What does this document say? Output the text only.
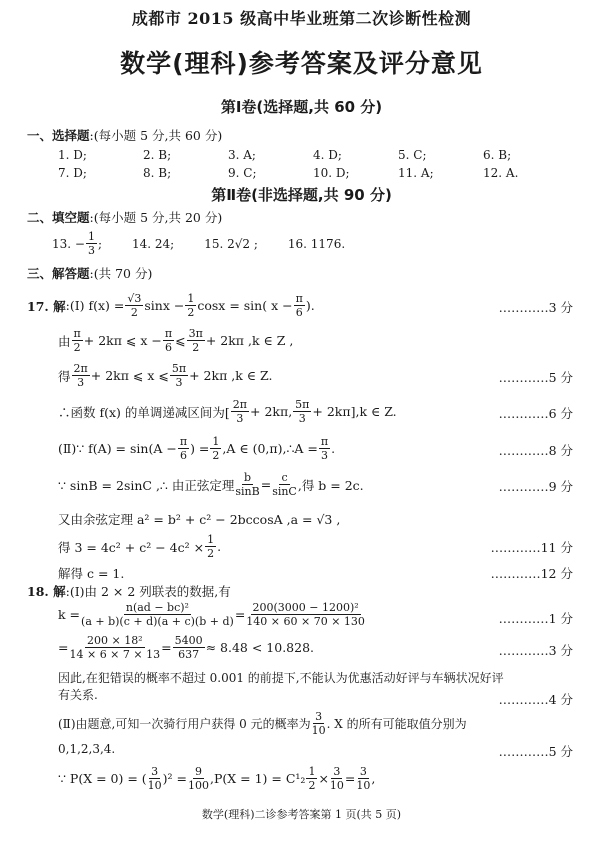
成都市 2015 级高中毕业班第二次诊断性检测
数学(理科)参考答案及评分意见
第Ⅰ卷(选择题,共 60 分)
一、选择题:(每小题 5 分,共 60 分)
1. D;	2. B;	3. A;	4. D;	5. C;	6. B;
7. D;	8. B;	9. C;	10. D;	11. A;	12. A.
第Ⅱ卷(非选择题,共 90 分)
二、填空题:(每小题 5 分,共 20 分)
13. − $\frac{1}{3}$ ;	14. 24;	15. 2√2 ;	16. 1176.
三、解答题:(共 70 分)
17. 解 :(Ⅰ) $f(x) = \frac{√3}{2}$ $\sin x - \frac{1}{2}$ cosx = sin( $x - \frac{\pi}{6}$ ).	…………3 分
由 $\frac{\pi}{2} + 2k\pi$ ⩽ $x - \frac{\pi}{6}$ ⩽ $\frac{3\pi}{2} + 2k\pi$ ,k ∈ Z ,
得 $\frac{2\pi}{3} + 2k\pi$ ⩽ x ⩽ $\frac{5\pi}{3} + 2k\pi$ ,k ∈ Z.	…………5 分
∴函数 f(x) 的单调递减区间为[ $\frac{2\pi}{3} + 2k\pi$, $\frac{5\pi}{3} + 2k\pi],k$ ∈ Z.	…………6 分
(Ⅱ)∵ $f(A) = \sin(A - \frac{\pi}{6}$ ) = $\frac{1}{2} ,A$ ∈ (0,π),∴A = $\frac{\pi}{3}$ .	…………8 分
∵ sinB = 2sinC ,∴ 由正弦定理 $\frac{b}{\sin B} = \frac{c}{\sin C}$ ,得 b = 2c.	…………9 分
又由余弦定理 a² = b² + c² − 2bccosA ,a = √3 ,
得 $3 = 4c^2 + c^2 - 4c^2 \times \frac{1}{2}$ .	…………11 分
解得 c = 1.	…………12 分
18. 解 :(Ⅰ)由 2 × 2 列联表的数据,有
$k = \frac{\text{n(ad − bc)²}}{(a + b)(c + d)(a + c)(b + d)} = \frac{\text{200(3000 − 1200)²}}{140 \times 60 \times 70 \times 130}$	…………1 分
= $\frac{\text{200 × 18²}}{14 \times 6 \times 7 \times 13} = \frac{5400}{637} \approx 8.48 < 10.828$.	…………3 分
因此,在犯错误的概率不超过 0.001 的前提下,不能认为优惠活动好评与车辆状况好评
有关系.	…………4 分
(Ⅱ)由题意,可知一次骑行用户获得 0 元的概率为 $\frac{3}{10}$ . X 的所有可能取值分别为
0,1,2,3,4.	…………5 分
∵ P(X = 0) = ( $\frac{3}{10} )^2 = \frac{9}{100} ,P(X = 1) = C^1_2 \frac{1}{2} \times \frac{3}{10} = \frac{3}{10}$ ,
数学(理科)二诊参考答案第 1 页(共 5 页)
